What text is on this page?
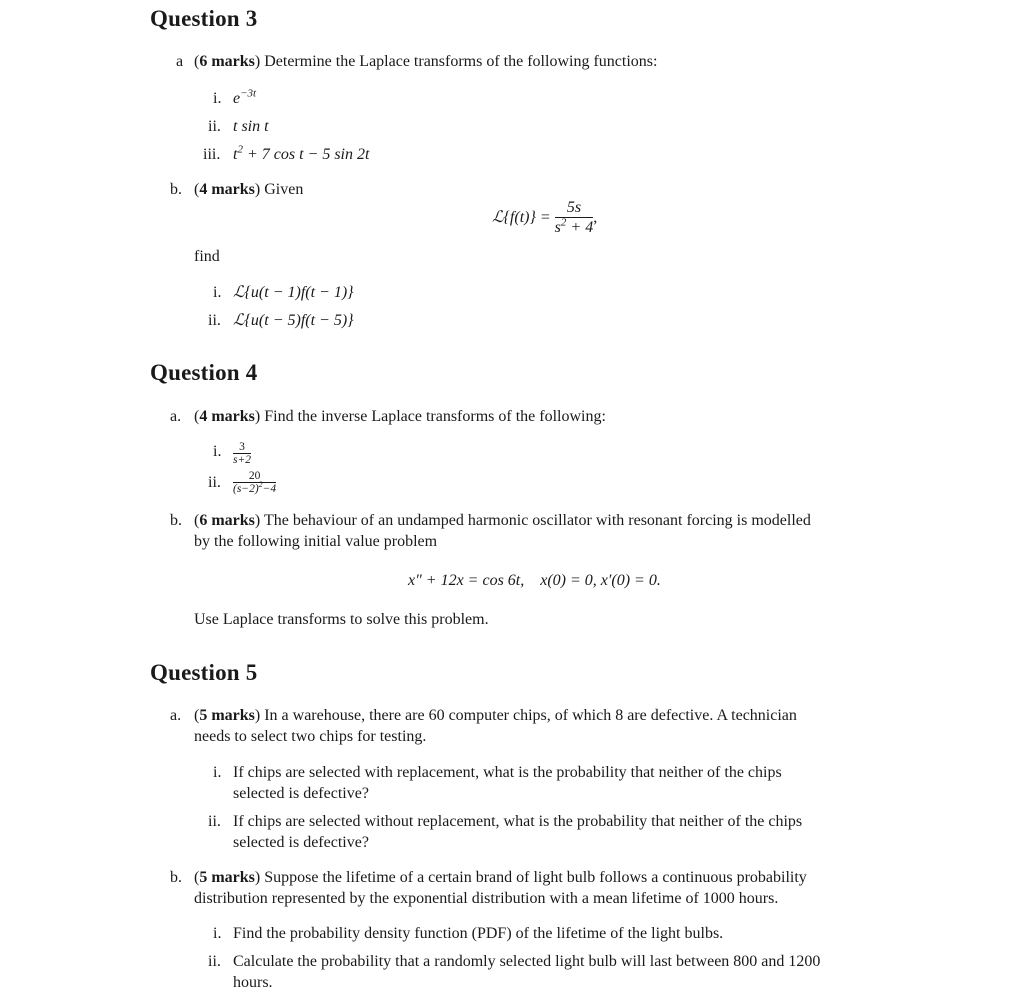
Question 3
a (6 marks) Determine the Laplace transforms of the following functions:
i. $e^{-3t}$
ii. t sin t
iii. $t^2 + 7$ cos t − 5 sin 2t
b. (4 marks) Given
ℒ{f(t)} = $\frac{5s}{s^2 + 4}$ ,
find
i. ℒ{u(t − 1)f(t − 1)}
ii. ℒ{u(t − 5)f(t − 5)}
Question 4
a. (4 marks) Find the inverse Laplace transforms of the following:
i. $\frac{3}{s+2}$
ii. $\frac{20}{(s-2)^2-4}$
b. (6 marks) The behaviour of an undamped harmonic oscillator with resonant forcing is modelled
by the following initial value problem
x″ + 12x = cos 6t,    x(0) = 0, x′(0) = 0.
Use Laplace transforms to solve this problem.
Question 5
a. (5 marks) In a warehouse, there are 60 computer chips, of which 8 are defective. A technician
needs to select two chips for testing.
i. If chips are selected with replacement, what is the probability that neither of the chips
selected is defective?
ii. If chips are selected without replacement, what is the probability that neither of the chips
selected is defective?
b. (5 marks) Suppose the lifetime of a certain brand of light bulb follows a continuous probability
distribution represented by the exponential distribution with a mean lifetime of 1000 hours.
i. Find the probability density function (PDF) of the lifetime of the light bulbs.
ii. Calculate the probability that a randomly selected light bulb will last between 800 and 1200
hours.
